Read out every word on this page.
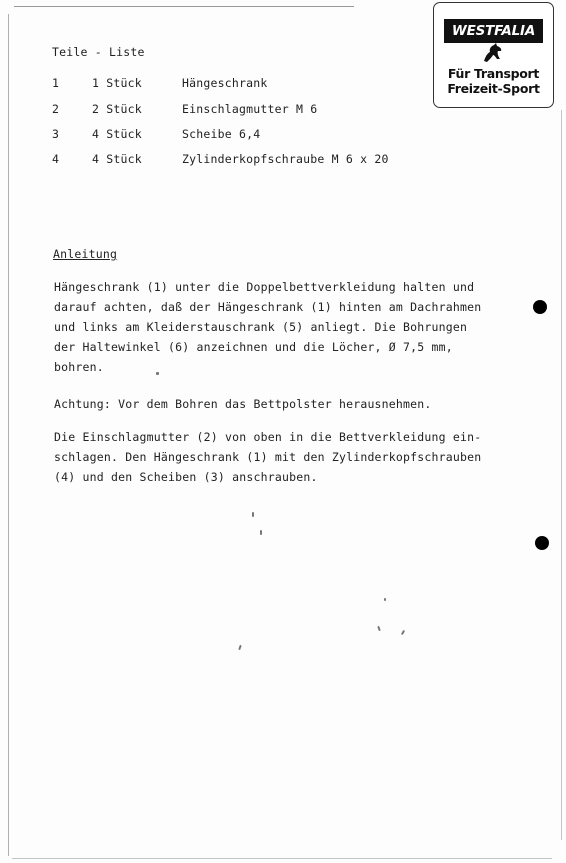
WESTFALIA
Für Transport
Freizeit-Sport
Teile - Liste
1	1 Stück	Hängeschrank
2	2 Stück	Einschlagmutter M 6
3	4 Stück	Scheibe 6,4
4	4 Stück	Zylinderkopfschraube M 6 x 20
Anleitung
Hängeschrank (1) unter die Doppelbettverkleidung halten und
darauf achten, daß der Hängeschrank (1) hinten am Dachrahmen
und links am Kleiderstauschrank (5) anliegt. Die Bohrungen
der Haltewinkel (6) anzeichnen und die Löcher, Ø 7,5 mm,
bohren.
Achtung: Vor dem Bohren das Bettpolster herausnehmen.
Die Einschlagmutter (2) von oben in die Bettverkleidung ein-
schlagen. Den Hängeschrank (1) mit den Zylinderkopfschrauben
(4) und den Scheiben (3) anschrauben.
